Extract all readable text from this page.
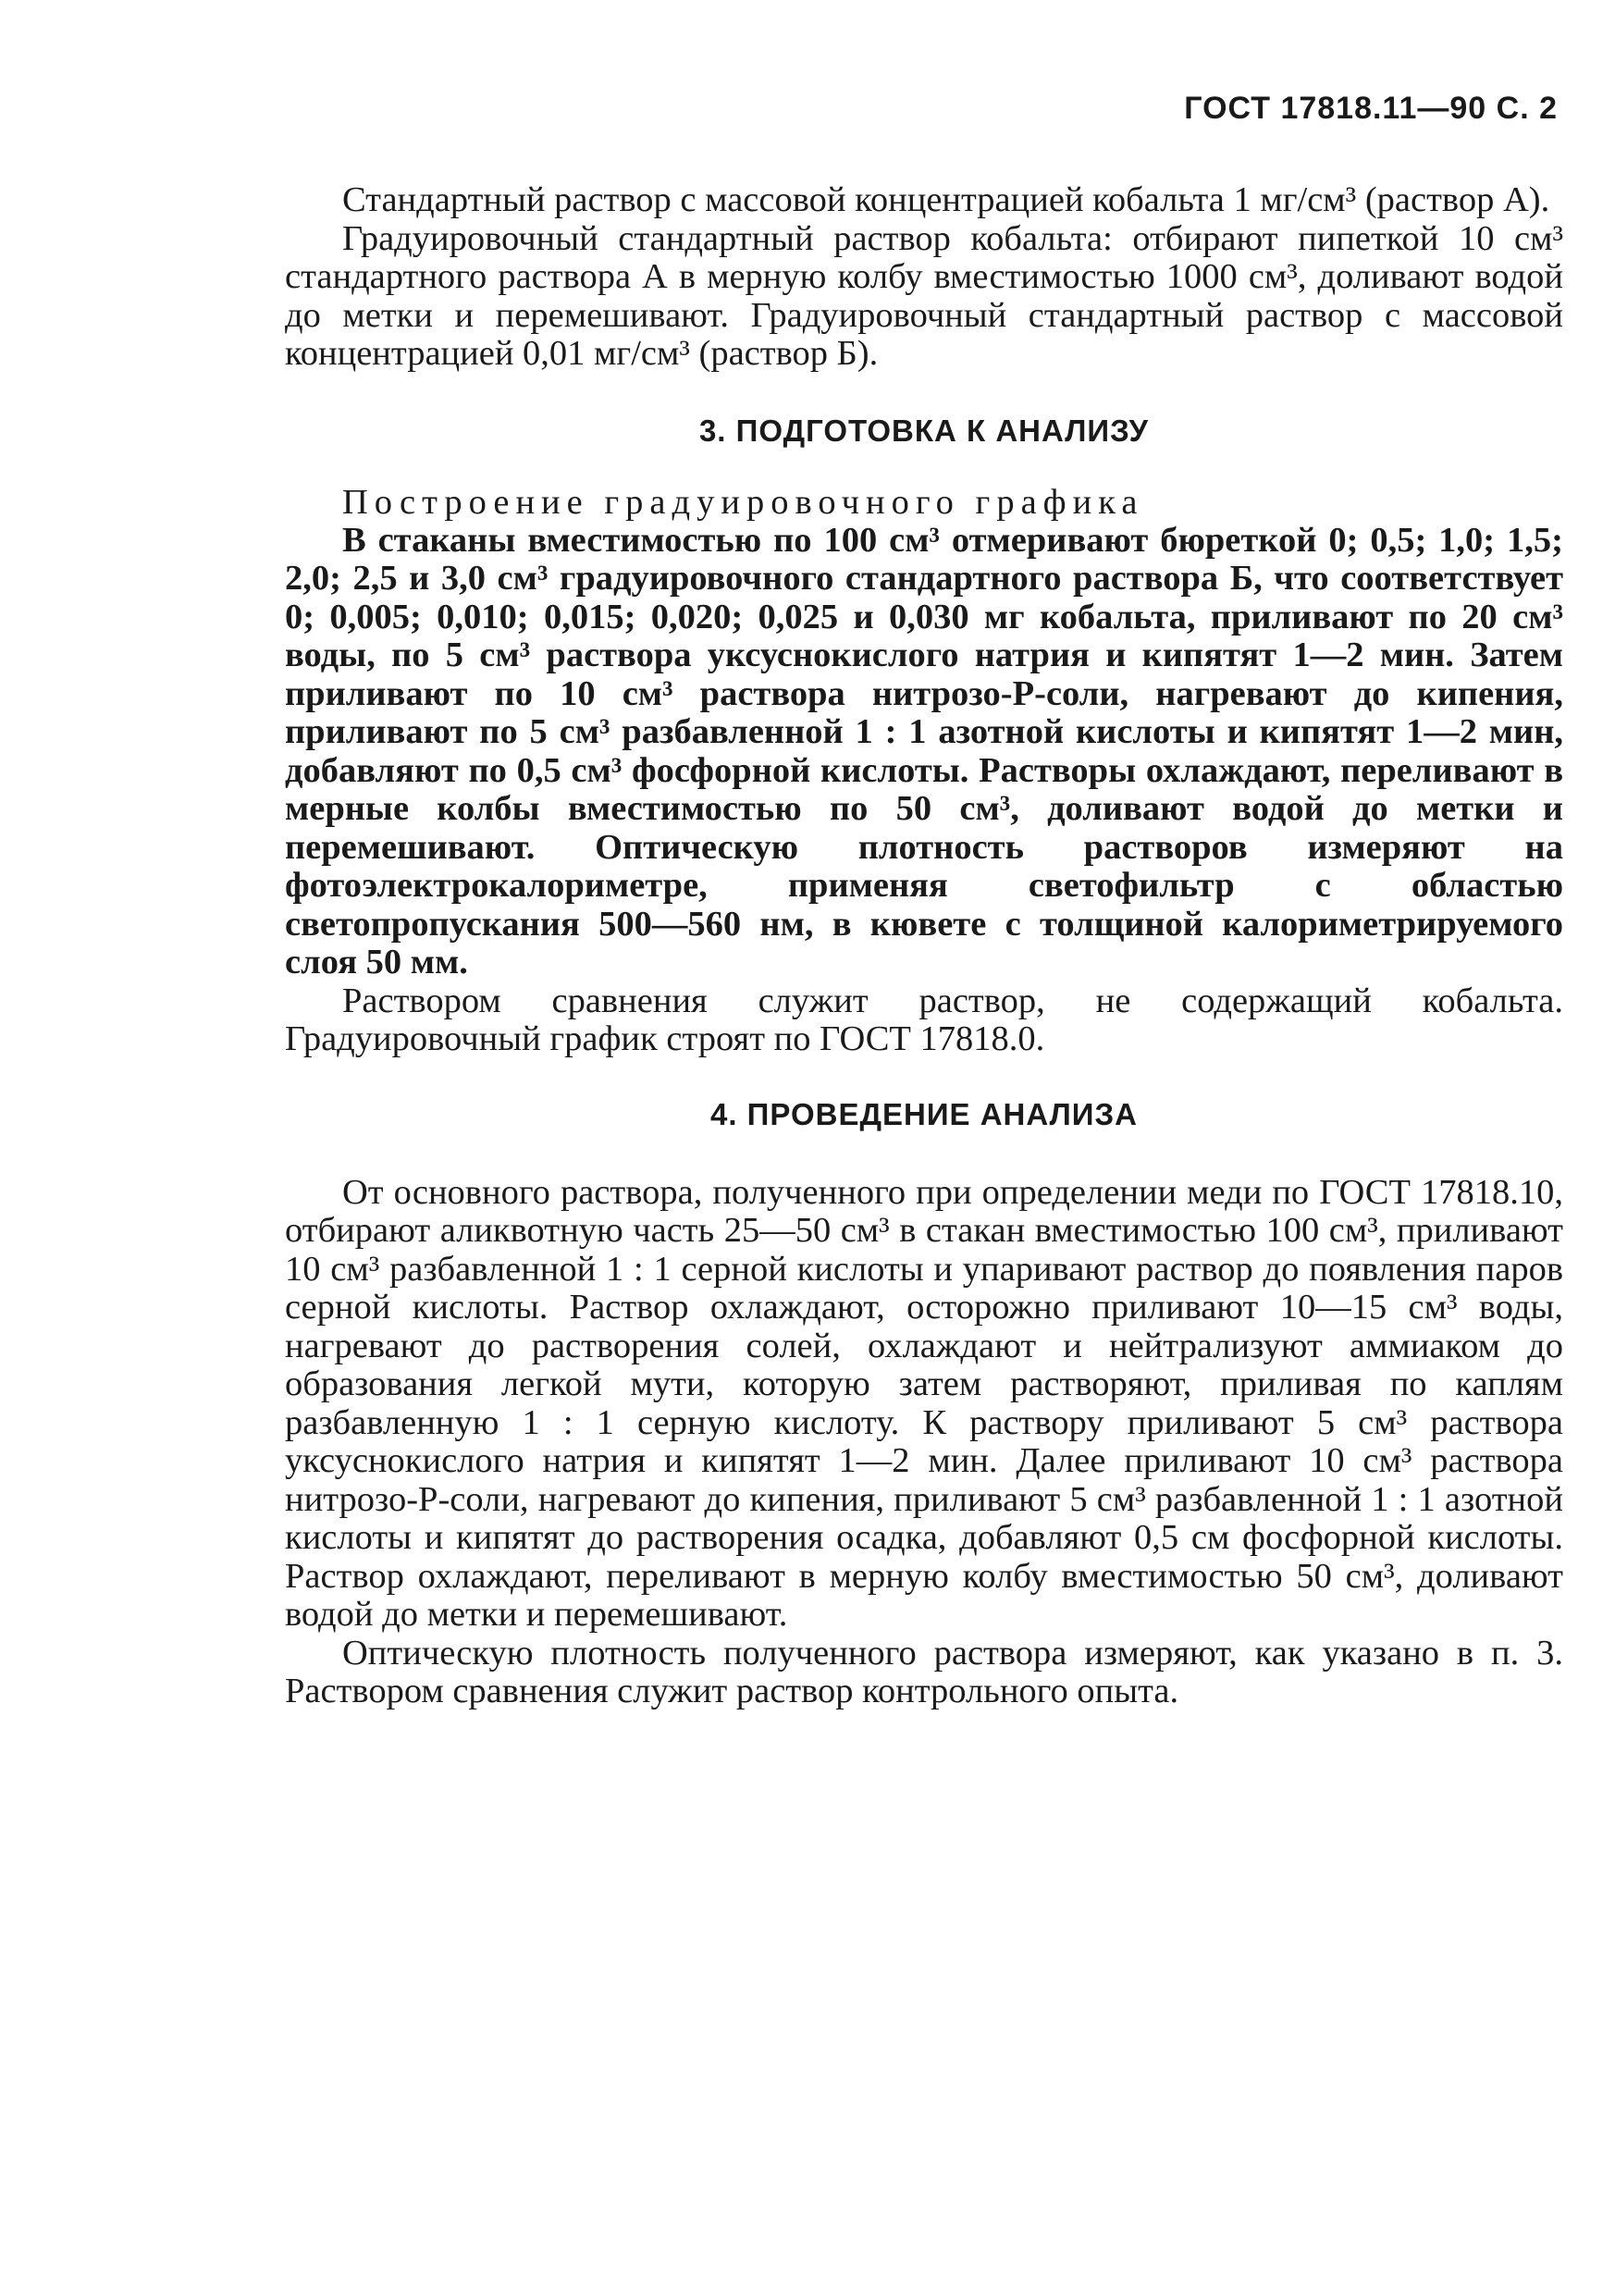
ГОСТ 17818.11—90 С. 2

Стандартный раствор с массовой концентрацией кобальта 1 мг/см³ (раствор А).

Градуировочный стандартный раствор кобальта: отбирают пипеткой 10 см³ стандартного раствора А в мерную колбу вместимостью 1000 см³, доливают водой до метки и перемешивают. Градуировочный стандартный раствор с массовой концентрацией 0,01 мг/см³ (раствор Б).

3. ПОДГОТОВКА К АНАЛИЗУ

Построение градуировочного графика

В стаканы вместимостью по 100 см³ отмеривают бюреткой 0; 0,5; 1,0; 1,5; 2,0; 2,5 и 3,0 см³ градуировочного стандартного раствора Б, что соответствует 0; 0,005; 0,010; 0,015; 0,020; 0,025 и 0,030 мг кобальта, приливают по 20 см³ воды, по 5 см³ раствора уксуснокислого натрия и кипятят 1—2 мин. Затем приливают по 10 см³ раствора нитрозо-Р-соли, нагревают до кипения, приливают по 5 см³ разбавленной 1 : 1 азотной кислоты и кипятят 1—2 мин, добавляют по 0,5 см³ фосфорной кислоты. Растворы охлаждают, переливают в мерные колбы вместимостью по 50 см³, доливают водой до метки и перемешивают. Оптическую плотность растворов измеряют на фотоэлектрокалориметре, применяя светофильтр с областью светопропускания 500—560 нм, в кювете с толщиной калориметрируемого слоя 50 мм.

Раствором сравнения служит раствор, не содержащий кобальта. Градуировочный график строят по ГОСТ 17818.0.

4. ПРОВЕДЕНИЕ АНАЛИЗА

От основного раствора, полученного при определении меди по ГОСТ 17818.10, отбирают аликвотную часть 25—50 см³ в стакан вместимостью 100 см³, приливают 10 см³ разбавленной 1 : 1 серной кислоты и упаривают раствор до появления паров серной кислоты. Раствор охлаждают, осторожно приливают 10—15 см³ воды, нагревают до растворения солей, охлаждают и нейтрализуют аммиаком до образования легкой мути, которую затем растворяют, приливая по каплям разбавленную 1 : 1 серную кислоту. К раствору приливают 5 см³ раствора уксуснокислого натрия и кипятят 1—2 мин. Далее приливают 10 см³ раствора нитрозо-Р-соли, нагревают до кипения, приливают 5 см³ разбавленной 1 : 1 азотной кислоты и кипятят до растворения осадка, добавляют 0,5 см фосфорной кислоты. Раствор охлаждают, переливают в мерную колбу вместимостью 50 см³, доливают водой до метки и перемешивают.

Оптическую плотность полученного раствора измеряют, как указано в п. 3. Раствором сравнения служит раствор контрольного опыта.
